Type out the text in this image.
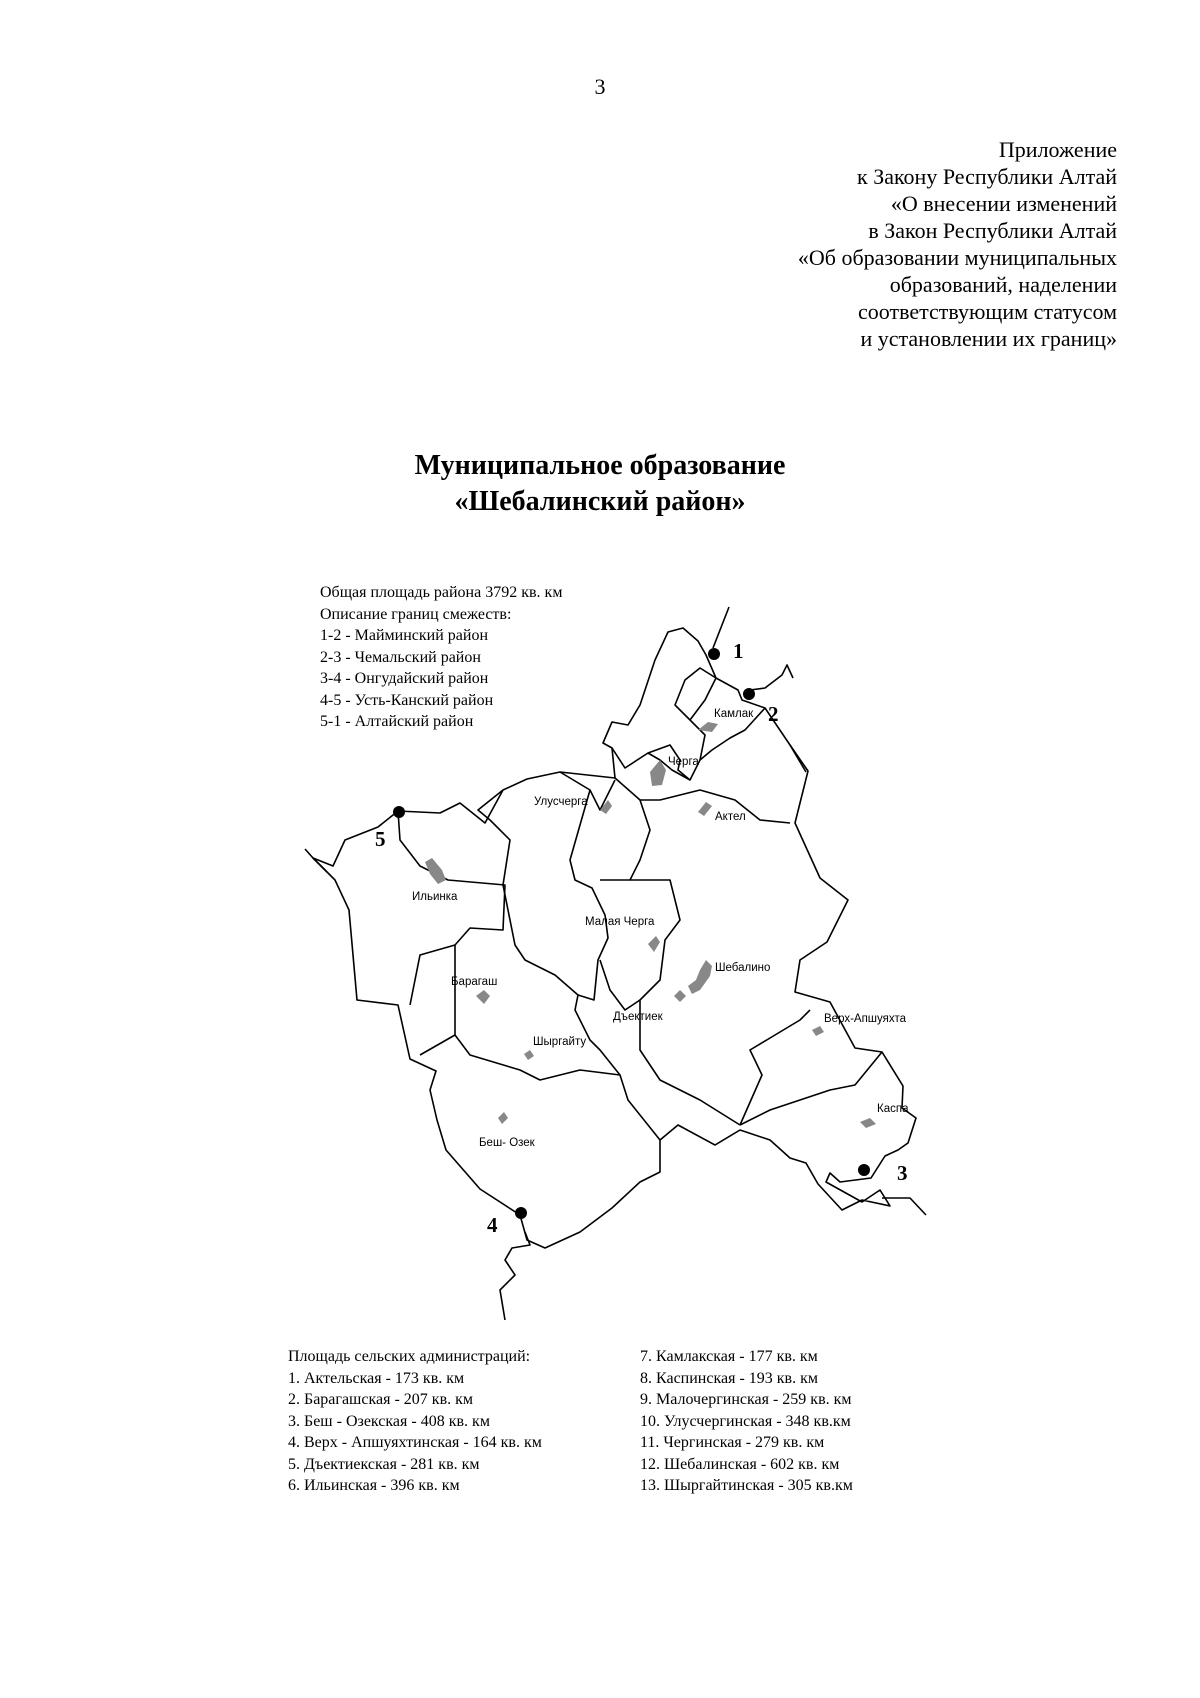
3
Приложение
к Закону Республики Алтай
«О внесении изменений
в Закон Республики Алтай
«Об образовании муниципальных
образований, наделении
соответствующим статусом
и установлении их границ»
Муниципальное образование
«Шебалинский район»
1
2
3
4
5
Камлак
Черга
Актел
Улусчерга
Ильинка
Малая Черга
Шебалино
Барагаш
Дъектиек	Верх-Апшуяхта
Шыргайту
Каспа
Беш- Озек
Общая площадь района 3792 кв. км
Описание границ смежеств:
1-2 - Майминский район
2-3 - Чемальский район
3-4 - Онгудайский район
4-5 - Усть-Канский район
5-1 - Алтайский район
Площадь сельских администраций:
1. Актельская - 173 кв. км
2. Барагашская - 207 кв. км
3. Беш - Озекская - 408 кв. км
4. Верх - Апшуяхтинская - 164 кв. км
5. Дъектиекская - 281 кв. км
6. Ильинская - 396 кв. км
7. Камлакская - 177 кв. км
8. Каспинская - 193 кв. км
9. Малочергинская - 259 кв. км
10. Улусчергинская - 348 кв.км
11. Чергинская - 279 кв. км
12. Шебалинская - 602 кв. км
13. Шыргайтинская - 305 кв.км
